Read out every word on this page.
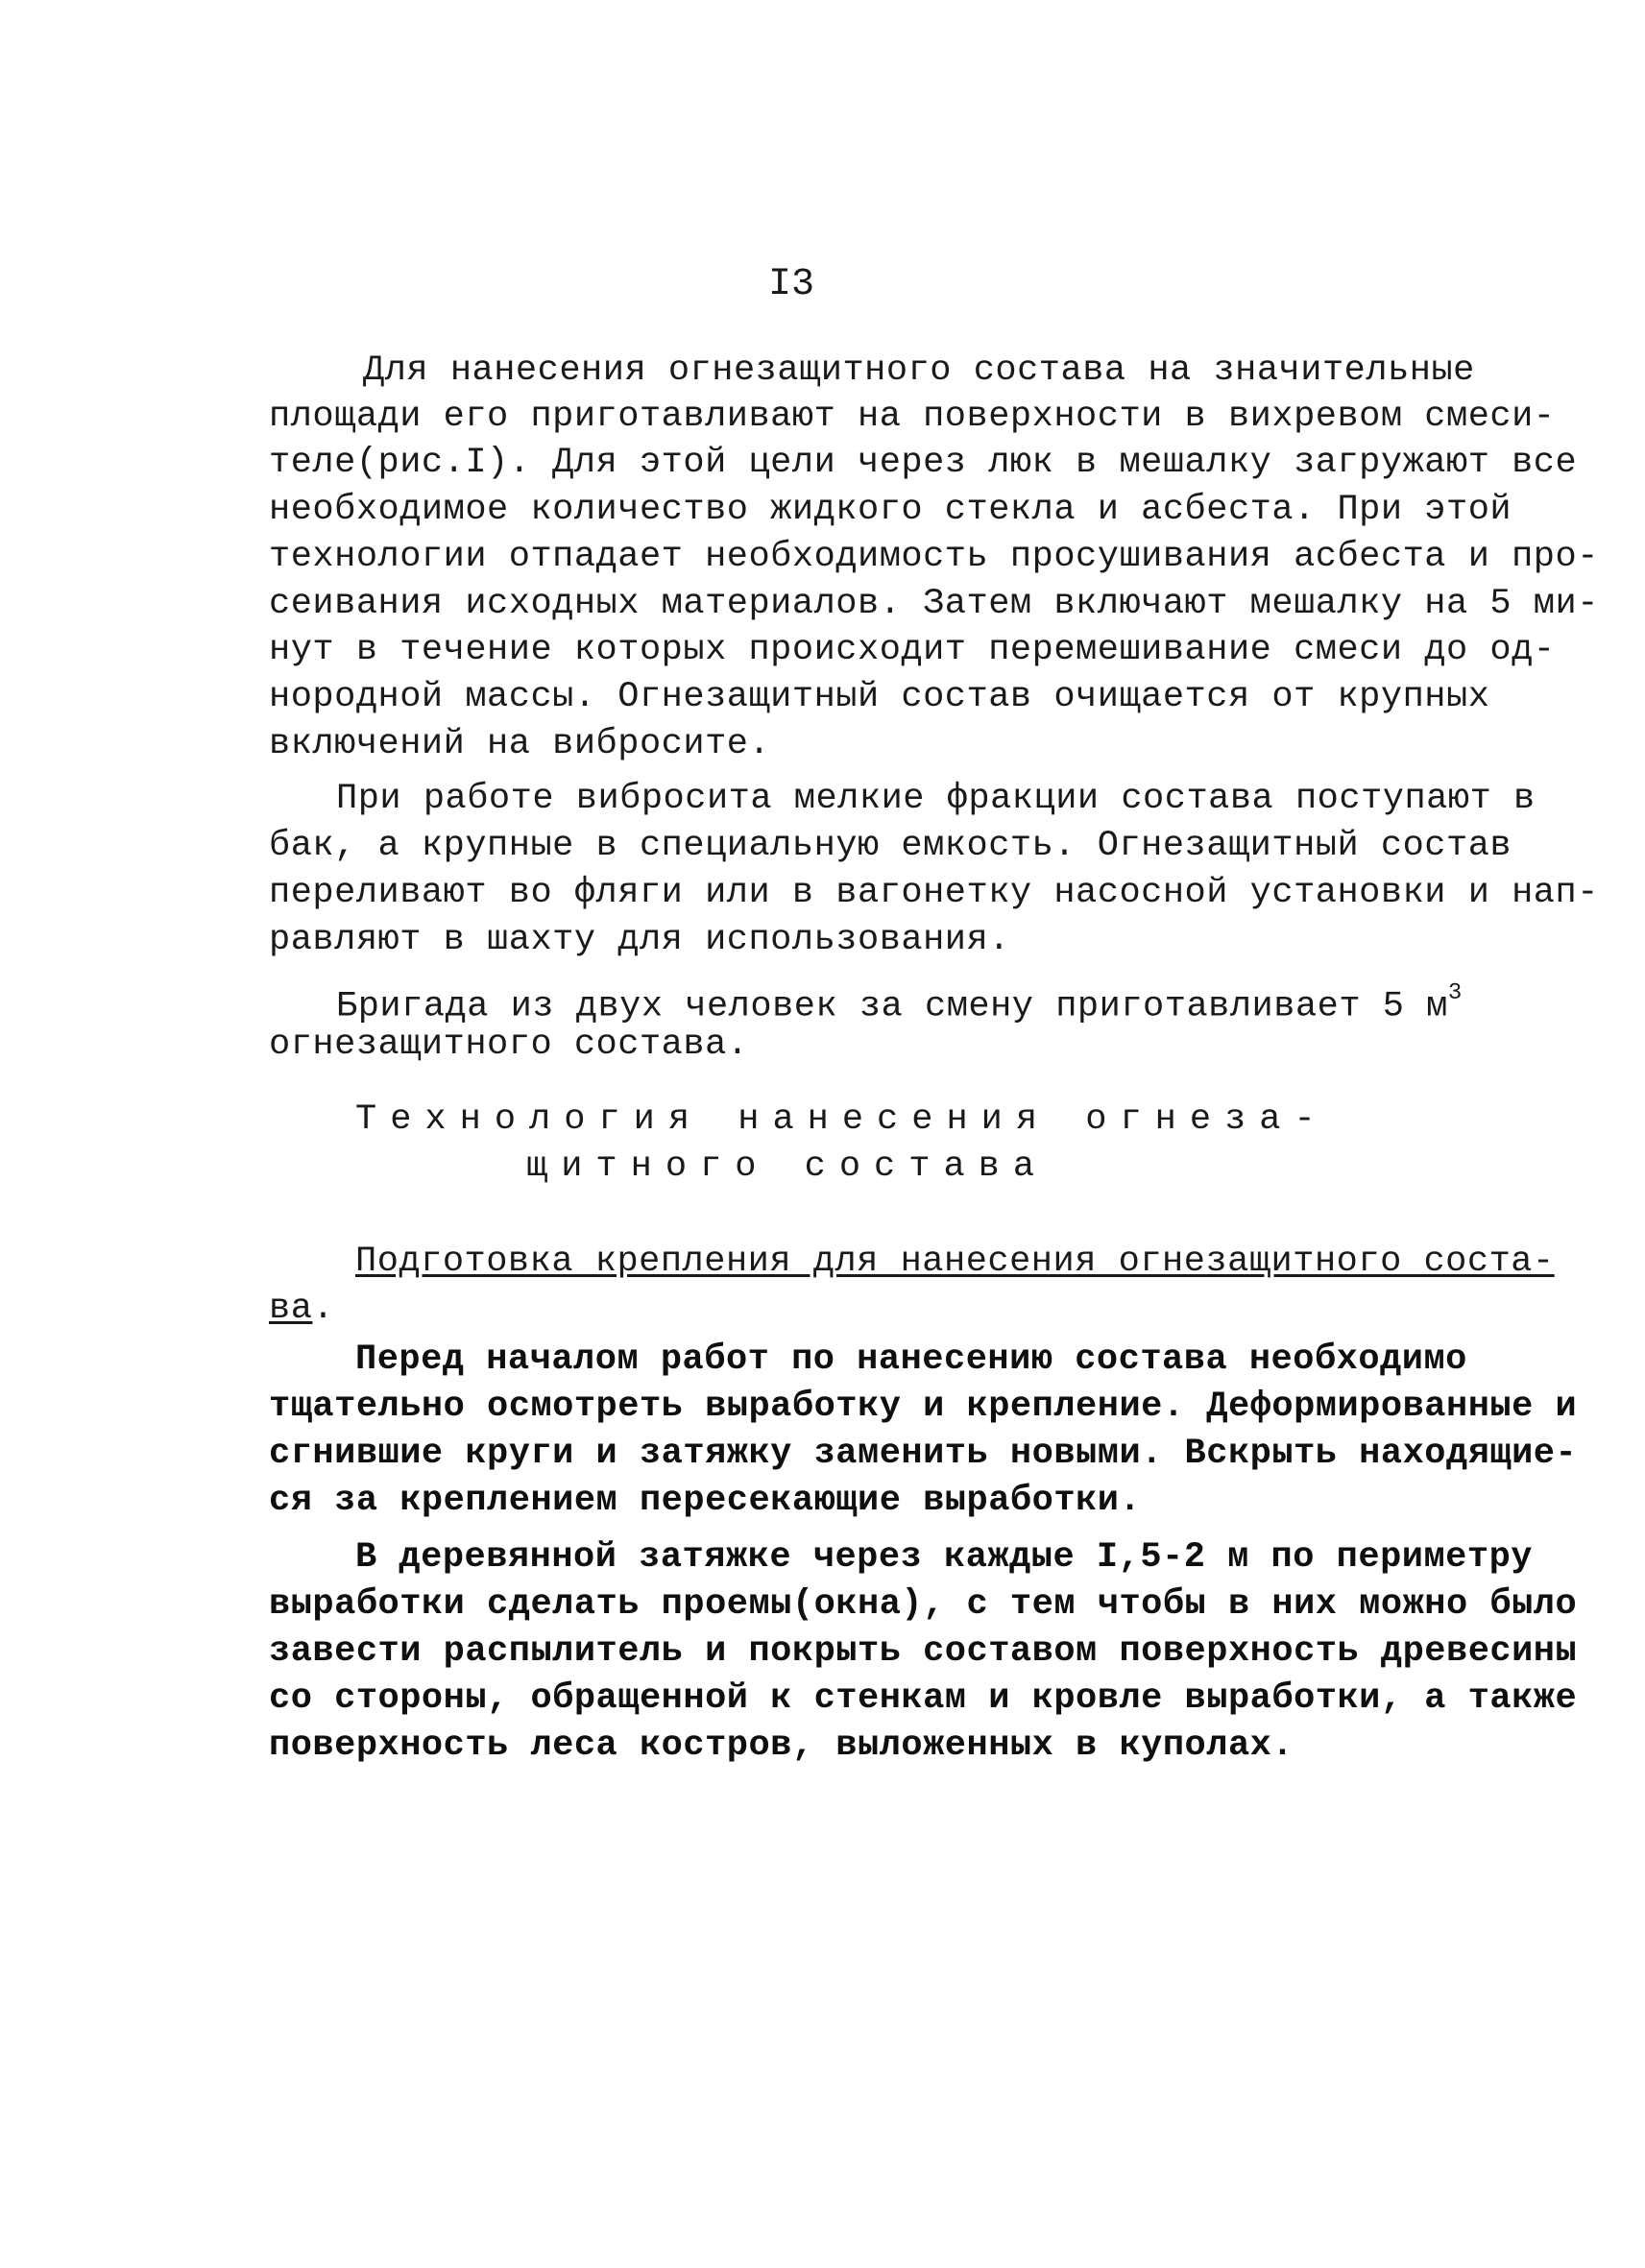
I3
Для нанесения огнезащитного состава на значительные
площади его приготавливают на поверхности в вихревом смеси-
теле(рис.I). Для этой цели через люк в мешалку загружают все
необходимое количество жидкого стекла и асбеста. При этой
технологии отпадает необходимость просушивания асбеста и про-
сеивания исходных материалов. Затем включают мешалку на 5 ми-
нут в течение которых происходит перемешивание смеси до од-
нородной массы. Огнезащитный состав очищается от крупных
включений на вибросите.
При работе вибросита мелкие фракции состава поступают в
бак, а крупные в специальную емкость. Огнезащитный состав
переливают во фляги или в вагонетку насосной установки и нап-
равляют в шахту для использования.
Бригада из двух человек за смену приготавливает 5 $м^3$
огнезащитного состава.
Технология нанесения огнеза-
щитного состава
Подготовка крепления для нанесения огнезащитного соста-
ва.
Перед началом работ по нанесению состава необходимо
тщательно осмотреть выработку и крепление. Деформированные и
сгнившие круги и затяжку заменить новыми. Вскрыть находящие-
ся за креплением пересекающие выработки.
В деревянной затяжке через каждые I,5-2 м по периметру
выработки сделать проемы(окна), с тем чтобы в них можно было
завести распылитель и покрыть составом поверхность древесины
со стороны, обращенной к стенкам и кровле выработки, а также
поверхность леса костров, выложенных в куполах.
